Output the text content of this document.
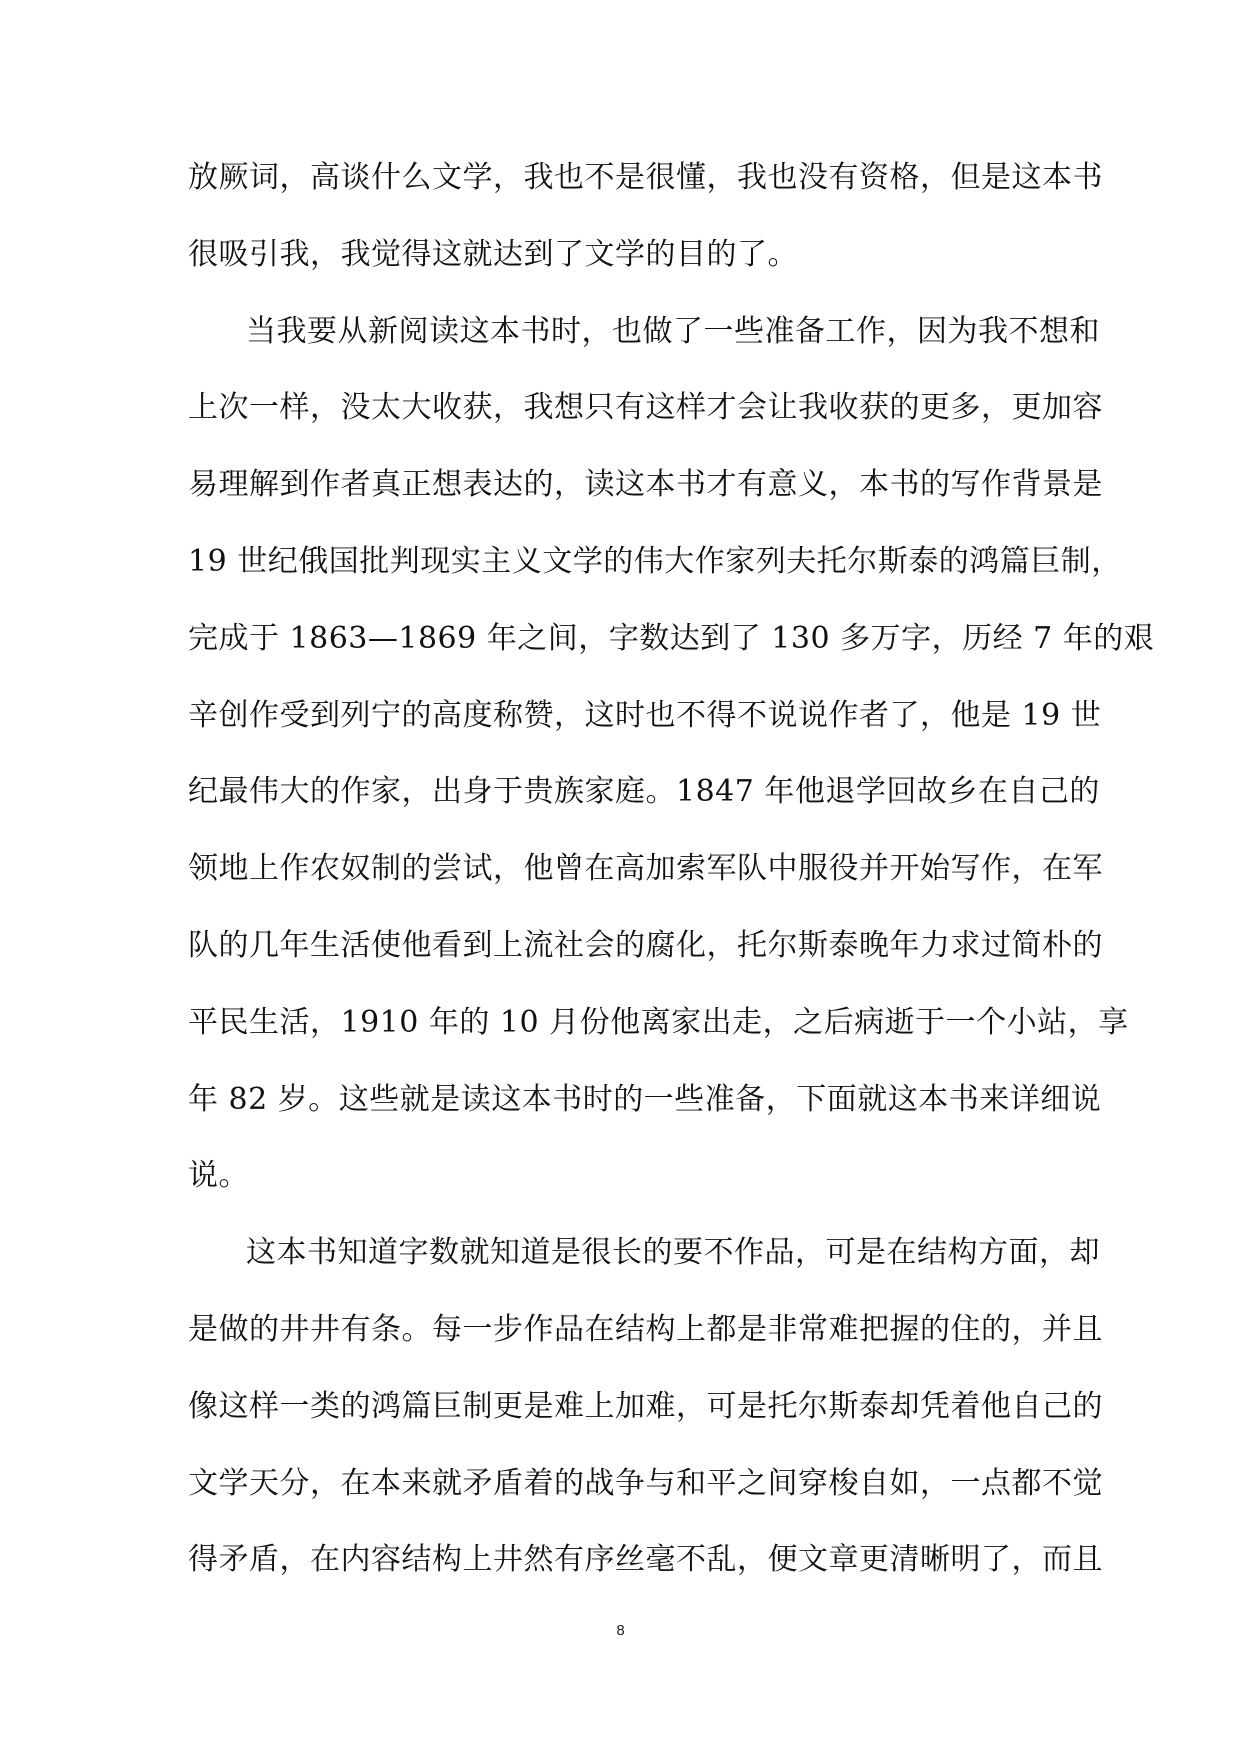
放厥词，高谈什么文学，我也不是很懂，我也没有资格，但是这本书
很吸引我，我觉得这就达到了文学的目的了。
当我要从新阅读这本书时，也做了一些准备工作，因为我不想和
上次一样，没太大收获，我想只有这样才会让我收获的更多，更加容
易理解到作者真正想表达的，读这本书才有意义，本书的写作背景是
19 世纪俄国批判现实主义文学的伟大作家列夫托尔斯泰的鸿篇巨制，
完成于 1863—1869 年之间，字数达到了 130 多万字，历经 7 年的艰
辛创作受到列宁的高度称赞，这时也不得不说说作者了，他是 19 世
纪最伟大的作家，出身于贵族家庭。1847 年他退学回故乡在自己的
领地上作农奴制的尝试，他曾在高加索军队中服役并开始写作，在军
队的几年生活使他看到上流社会的腐化，托尔斯泰晚年力求过简朴的
平民生活，1910 年的 10 月份他离家出走，之后病逝于一个小站，享
年 82 岁。这些就是读这本书时的一些准备，下面就这本书来详细说
说。
这本书知道字数就知道是很长的要不作品，可是在结构方面，却
是做的井井有条。每一步作品在结构上都是非常难把握的住的，并且
像这样一类的鸿篇巨制更是难上加难，可是托尔斯泰却凭着他自己的
文学天分，在本来就矛盾着的战争与和平之间穿梭自如，一点都不觉
得矛盾，在内容结构上井然有序丝毫不乱，便文章更清晰明了，而且
8
